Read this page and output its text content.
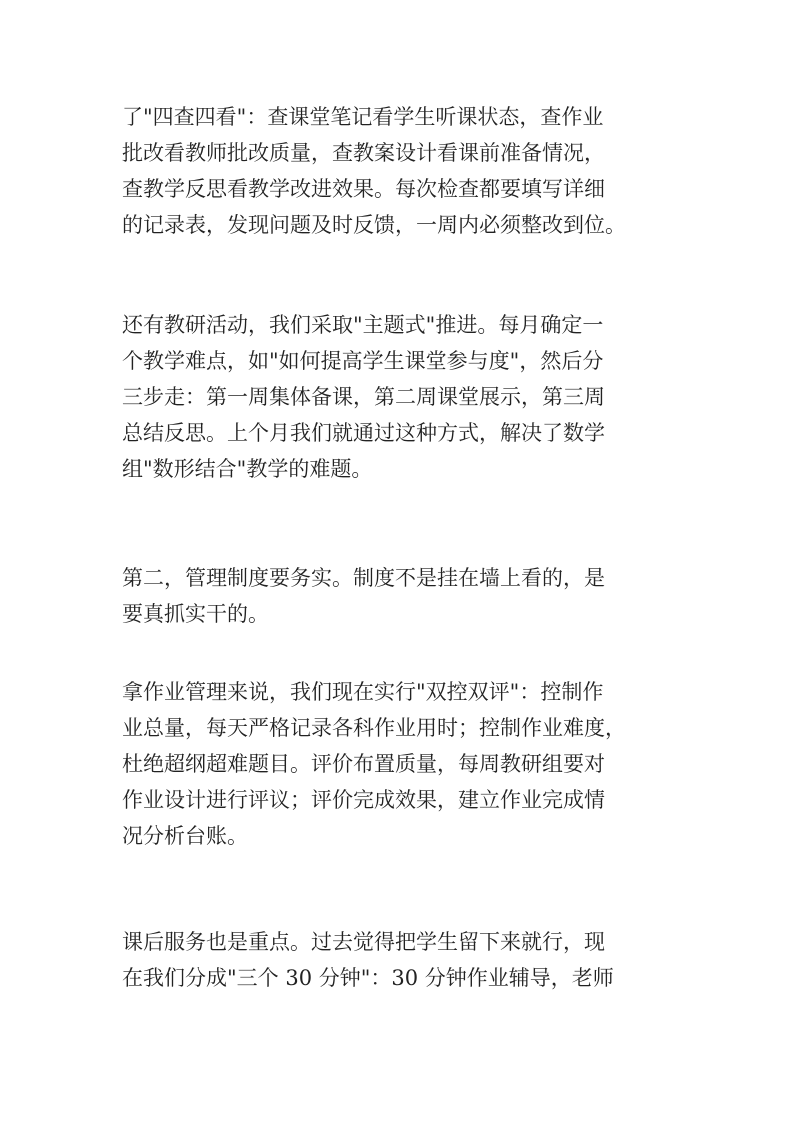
了"四查四看"：查课堂笔记看学生听课状态，查作业
批改看教师批改质量，查教案设计看课前准备情况，
查教学反思看教学改进效果。每次检查都要填写详细
的记录表，发现问题及时反馈，一周内必须整改到位。

还有教研活动，我们采取"主题式"推进。每月确定一
个教学难点，如"如何提高学生课堂参与度"，然后分
三步走：第一周集体备课，第二周课堂展示，第三周
总结反思。上个月我们就通过这种方式，解决了数学
组"数形结合"教学的难题。

第二，管理制度要务实。制度不是挂在墙上看的，是
要真抓实干的。

拿作业管理来说，我们现在实行"双控双评"：控制作
业总量，每天严格记录各科作业用时；控制作业难度，
杜绝超纲超难题目。评价布置质量，每周教研组要对
作业设计进行评议；评价完成效果，建立作业完成情
况分析台账。

课后服务也是重点。过去觉得把学生留下来就行，现
在我们分成"三个 30 分钟"：30 分钟作业辅导，老师
